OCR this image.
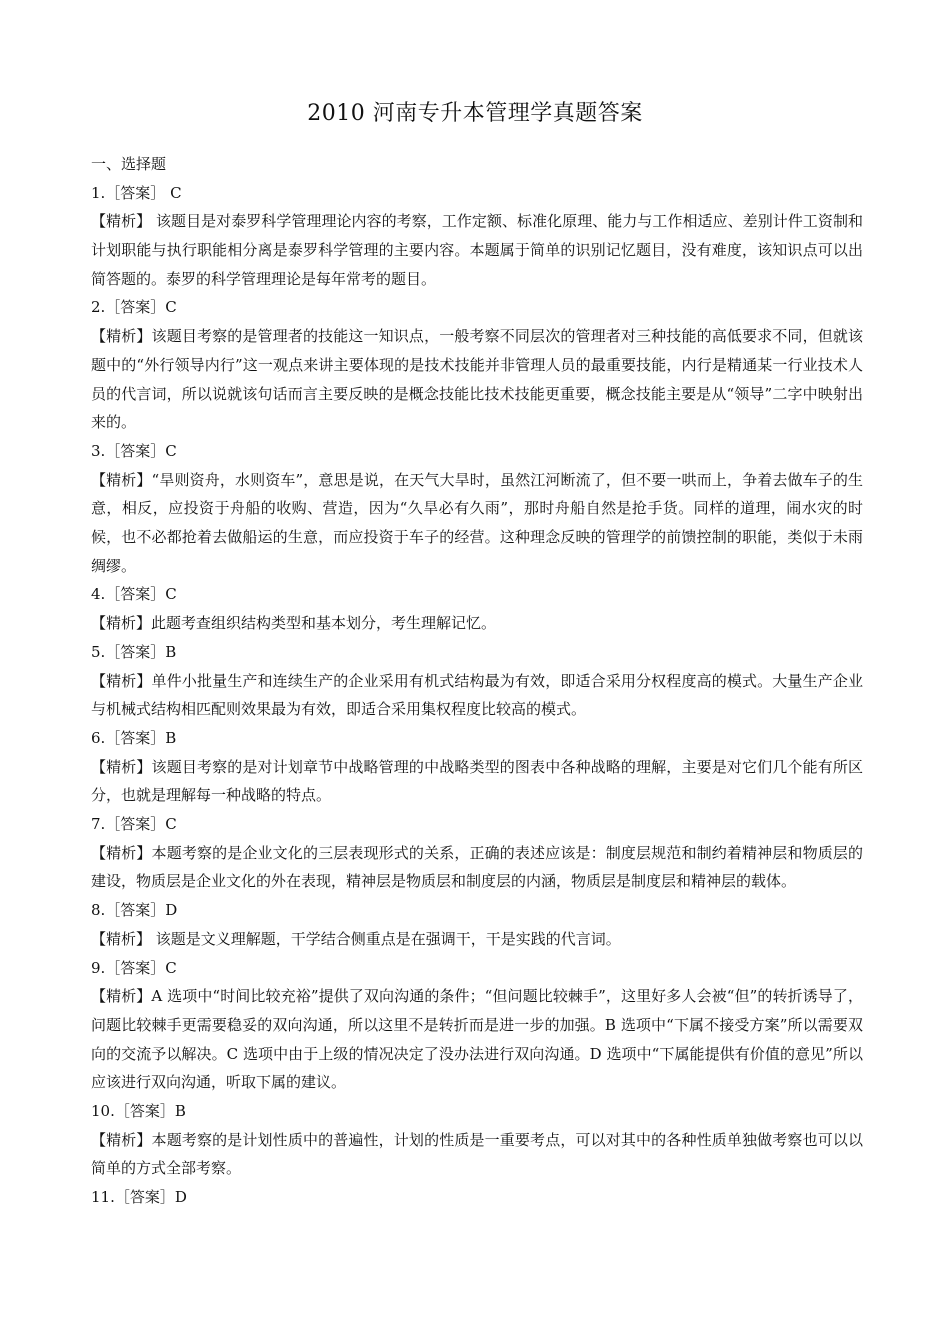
2010 河南专升本管理学真题答案
一、选择题
1.［答案］ C
【精析】 该题目是对泰罗科学管理理论内容的考察，工作定额、标准化原理、能力与工作相适应、差别计件工资制和计划职能与执行职能相分离是泰罗科学管理的主要内容。本题属于简单的识别记忆题目，没有难度，该知识点可以出简答题的。泰罗的科学管理理论是每年常考的题目。
2.［答案］C
【精析】该题目考察的是管理者的技能这一知识点，一般考察不同层次的管理者对三种技能的高低要求不同，但就该题中的“外行领导内行”这一观点来讲主要体现的是技术技能并非管理人员的最重要技能，内行是精通某一行业技术人员的代言词，所以说就该句话而言主要反映的是概念技能比技术技能更重要，概念技能主要是从“领导”二字中映射出来的。
3.［答案］C
【精析】“旱则资舟，水则资车”，意思是说，在天气大旱时，虽然江河断流了，但不要一哄而上，争着去做车子的生意，相反，应投资于舟船的收购、营造，因为“久旱必有久雨”，那时舟船自然是抢手货。同样的道理，闹水灾的时候，也不必都抢着去做船运的生意，而应投资于车子的经营。这种理念反映的管理学的前馈控制的职能，类似于未雨绸缪。
4.［答案］C
【精析】此题考查组织结构类型和基本划分，考生理解记忆。
5.［答案］B
【精析】单件小批量生产和连续生产的企业采用有机式结构最为有效，即适合采用分权程度高的模式。大量生产企业与机械式结构相匹配则效果最为有效，即适合采用集权程度比较高的模式。
6.［答案］B
【精析】该题目考察的是对计划章节中战略管理的中战略类型的图表中各种战略的理解，主要是对它们几个能有所区分，也就是理解每一种战略的特点。
7.［答案］C
【精析】本题考察的是企业文化的三层表现形式的关系，正确的表述应该是：制度层规范和制约着精神层和物质层的建设，物质层是企业文化的外在表现，精神层是物质层和制度层的内涵，物质层是制度层和精神层的载体。
8.［答案］D
【精析】 该题是文义理解题，干学结合侧重点是在强调干，干是实践的代言词。
9.［答案］C
【精析】A 选项中“时间比较充裕”提供了双向沟通的条件；“但问题比较棘手”，这里好多人会被“但”的转折诱导了，问题比较棘手更需要稳妥的双向沟通，所以这里不是转折而是进一步的加强。B 选项中“下属不接受方案”所以需要双向的交流予以解决。C 选项中由于上级的情况决定了没办法进行双向沟通。D 选项中“下属能提供有价值的意见”所以应该进行双向沟通，听取下属的建议。
10.［答案］B
【精析】本题考察的是计划性质中的普遍性，计划的性质是一重要考点，可以对其中的各种性质单独做考察也可以以简单的方式全部考察。
11.［答案］D
